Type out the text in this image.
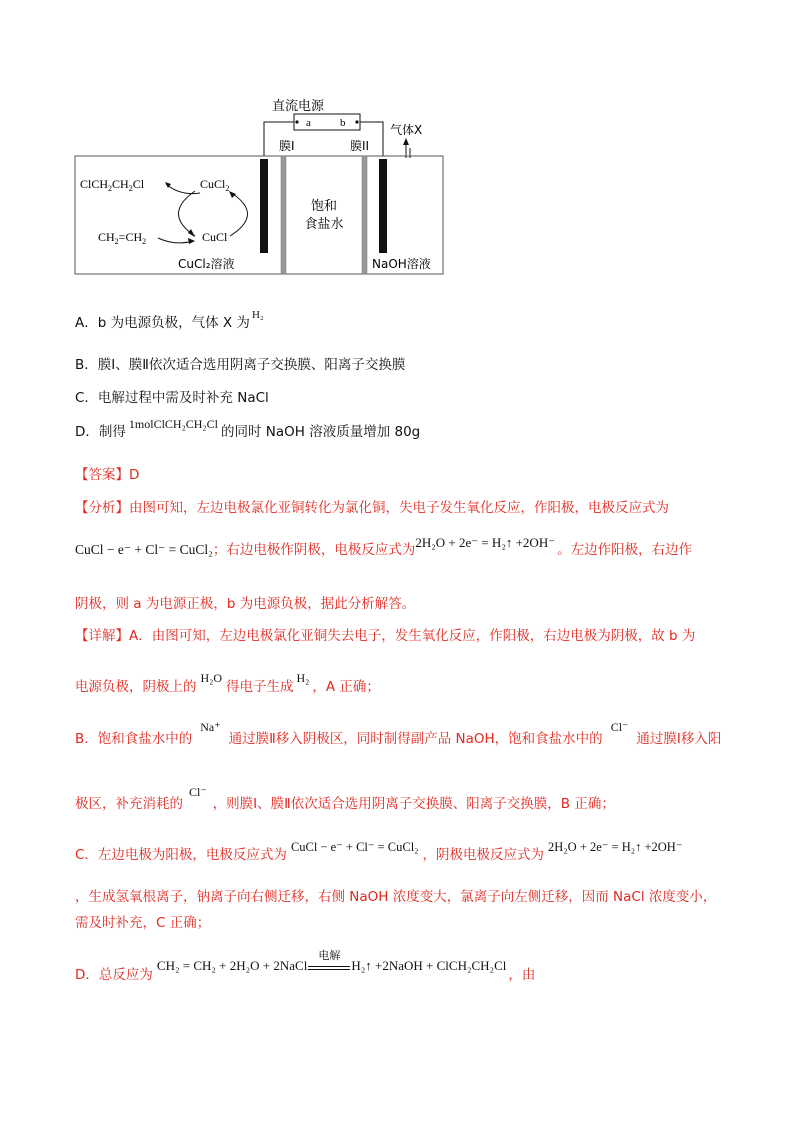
直流电源
a	b	气体X
膜I	膜II
$ClCH_2CH_2Cl$	CuCl$_2$
$CH_2=CH_2$	CuCl
CuCl₂溶液
饱和
食盐水
NaOH溶液
A．b 为电源负极，气体 X 为 $^{H_2}$
B．膜Ⅰ、膜Ⅱ依次适合选用阴离子交换膜、阳离子交换膜
C．电解过程中需及时补充 NaCl
D．制得 1molClCH₂CH₂Cl 的同时 NaOH 溶液质量增加 80g
【答案】D
【分析】由图可知，左边电极氯化亚铜转化为氯化铜，失电子发生氧化反应，作阳极，电极反应式为
CuCl − e⁻ + Cl⁻ = CuCl₂；右边电极作阴极，电极反应式为2H₂O + 2e⁻ = H₂↑ +2OH⁻ 。左边作阳极，右边作
阴极，则 a 为电源正极，b 为电源负极，据此分析解答。
【详解】A．由图可知，左边电极氯化亚铜失去电子，发生氧化反应，作阳极，右边电极为阴极，故 b 为
电源负极，阴极上的H₂O得电子生成H₂，A 正确；
B．饱和食盐水中的Na⁺通过膜Ⅱ移入阴极区，同时制得副产品 NaOH，饱和食盐水中的Cl⁻通过膜Ⅰ移入阳
极区，补充消耗的Cl⁻，则膜Ⅰ、膜Ⅱ依次适合选用阴离子交换膜、阳离子交换膜，B 正确；
C．左边电极为阳极，电极反应式为 CuCl − e⁻ + Cl⁻ = CuCl₂ ，阴极电极反应式为 2H₂O + 2e⁻ = H₂↑ +2OH⁻
，生成氢氧根离子，钠离子向右侧迁移，右侧 NaOH 浓度变大，氯离子向左侧迁移，因而 NaCl 浓度变小，
需及时补充，C 正确；
D．总反应为CH₂ = CH₂ + 2H₂O + 2NaCl
电解
H₂↑ +2NaOH + ClCH₂CH₂Cl，由
